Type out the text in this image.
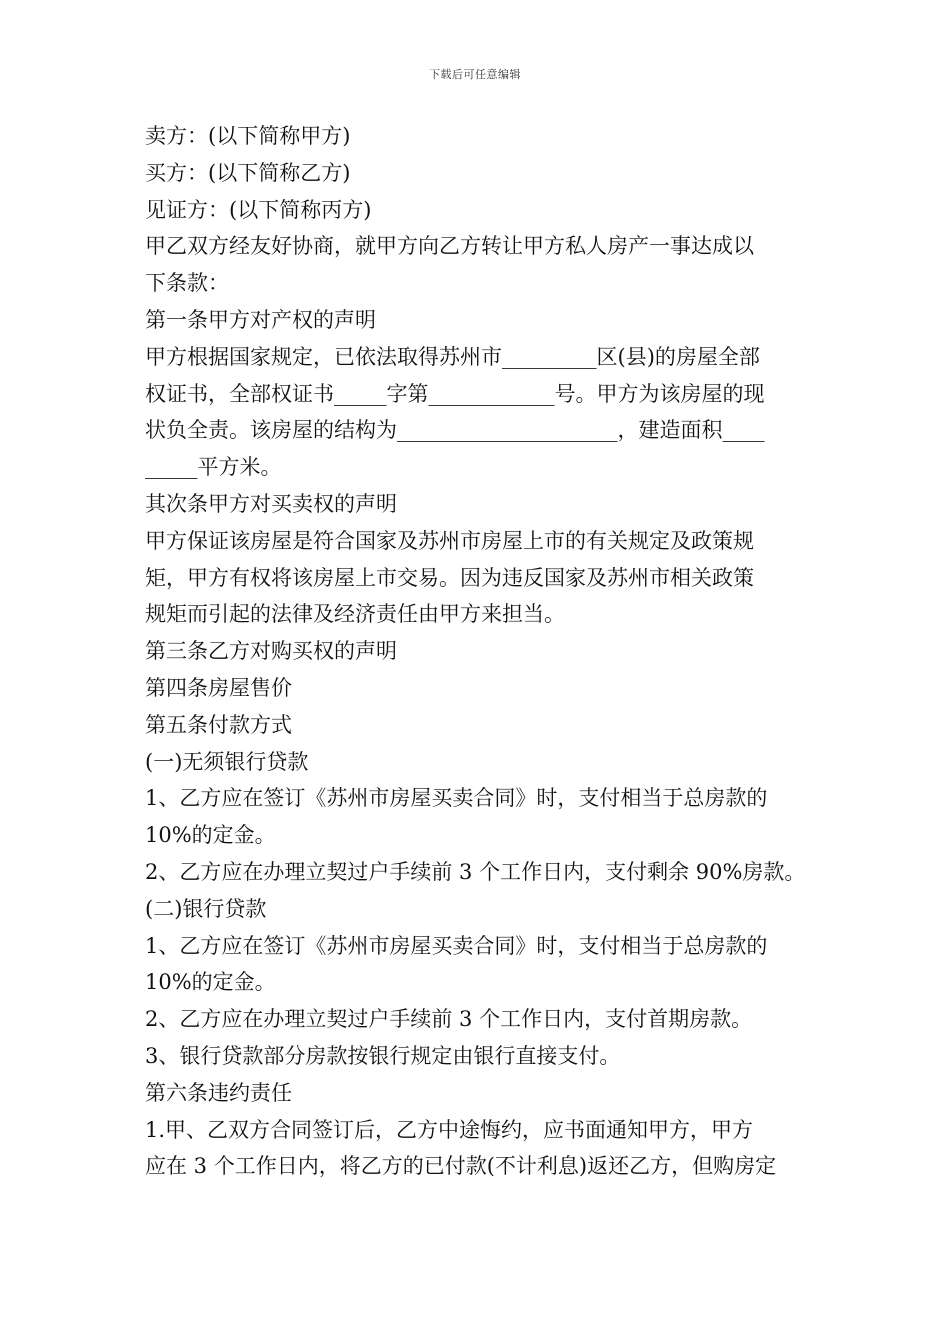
下载后可任意编辑
卖方：(以下简称甲方)
买方：(以下简称乙方)
见证方：(以下简称丙方)
甲乙双方经友好协商，就甲方向乙方转让甲方私人房产一事达成以
下条款：
第一条甲方对产权的声明
甲方根据国家规定，已依法取得苏州市_________区(县)的房屋全部
权证书，全部权证书_____字第____________号。甲方为该房屋的现
状负全责。该房屋的结构为_____________________，建造面积____
_____平方米。
其次条甲方对买卖权的声明
甲方保证该房屋是符合国家及苏州市房屋上市的有关规定及政策规
矩，甲方有权将该房屋上市交易。因为违反国家及苏州市相关政策
规矩而引起的法律及经济责任由甲方来担当。
第三条乙方对购买权的声明
第四条房屋售价
第五条付款方式
(一)无须银行贷款
1、乙方应在签订《苏州市房屋买卖合同》时，支付相当于总房款的
10%的定金。
2、乙方应在办理立契过户手续前 3 个工作日内，支付剩余 90%房款。
(二)银行贷款
1、乙方应在签订《苏州市房屋买卖合同》时，支付相当于总房款的
10%的定金。
2、乙方应在办理立契过户手续前 3 个工作日内，支付首期房款。
3、银行贷款部分房款按银行规定由银行直接支付。
第六条违约责任
1.甲、乙双方合同签订后，乙方中途悔约，应书面通知甲方，甲方
应在 3 个工作日内，将乙方的已付款(不计利息)返还乙方，但购房定
